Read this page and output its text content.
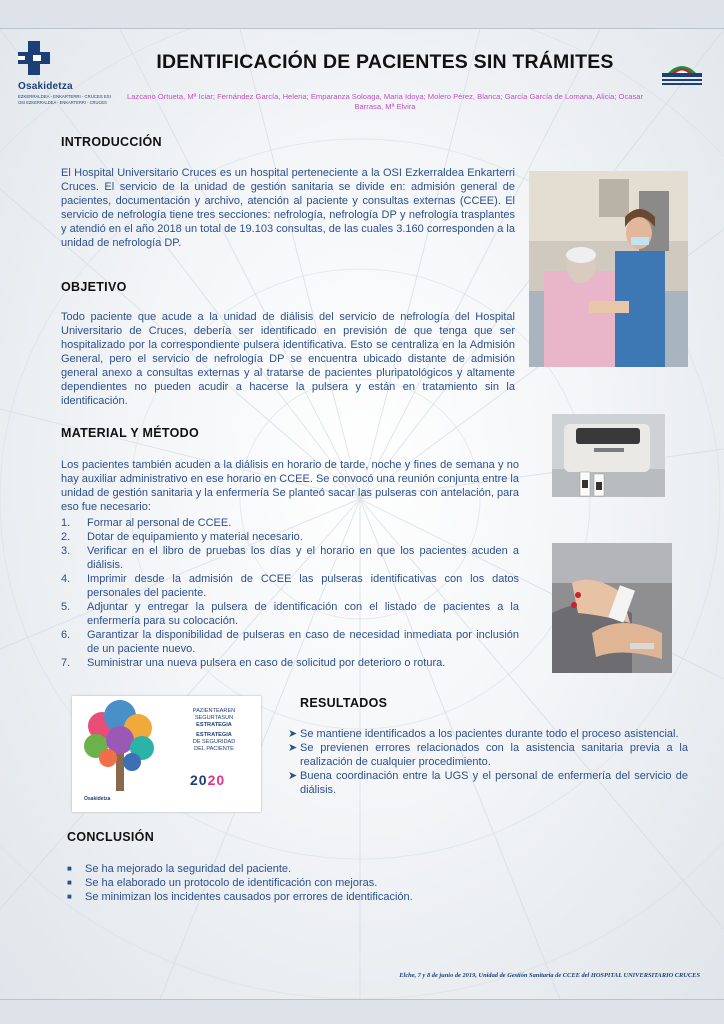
Osakidetza
EZKERRALDEA - ENKARTERRI - CRUCES ESI
OSI EZKERRALDEA - ENKARTERRI - CRUCES
IDENTIFICACIÓN DE PACIENTES SIN TRÁMITES
Lazcano Ortueta, Mª Iciar; Fernández García, Helena; Emparanza Soloaga, Maria Idoya; Molero Pérez, Blanca; García García de Lomana, Alicia; Ocasar Barrasa, Mª Elvira
INTRODUCCIÓN
El Hospital Universitario Cruces es un hospital perteneciente a la OSI Ezkerraldea Enkarterri Cruces. El servicio de la unidad de gestión sanitaria se divide en: admisión general de pacientes, documentación y archivo, atención al paciente y consultas externas (CCEE). El servicio de nefrología tiene tres secciones: nefrología, nefrología DP y nefrología trasplantes y atendió en el año 2018 un total de 19.103 consultas, de las cuales 3.160 corresponden a la unidad de nefrología DP.
OBJETIVO
Todo paciente que acude a la unidad de diálisis del servicio de nefrología del Hospital Universitario de Cruces, debería ser identificado en previsión de que tenga que ser hospitalizado por la correspondiente pulsera identificativa. Esto se centraliza en la Admisión General, pero el servicio de nefrología DP se encuentra ubicado distante de admisión general anexo a consultas externas y al tratarse de pacientes pluripatológicos y altamente dependientes no pueden acudir a hacerse la pulsera y están en tratamiento sin la identificación.
MATERIAL Y MÉTODO
Los pacientes también acuden a la diálisis en horario de tarde, noche y fines de semana y no hay auxiliar administrativo en ese horario en CCEE. Se convocó una reunión conjunta entre la unidad de gestión sanitaria y la enfermería Se planteó sacar las pulseras con antelación, para eso fue necesario:
1. Formar al personal de CCEE.
2. Dotar de equipamiento y material necesario.
3. Verificar en el libro de pruebas los días y el horario en que los pacientes acuden a diálisis.
4. Imprimir desde la admisión de CCEE las pulseras identificativas con los datos personales del paciente.
5. Adjuntar y entregar la pulsera de identificación con el listado de pacientes a la enfermería para su colocación.
6. Garantizar la disponibilidad de pulseras en caso de necesidad inmediata por inclusión de un paciente nuevo.
7. Suministrar una nueva pulsera en caso de solicitud por deterioro o rotura.
PAZIENTEAREN
SEGURTASUN
ESTRATEGIA
ESTRATEGIA
DE SEGURIDAD
DEL PACIENTE
2020
Osakidetza
RESULTADOS
➤ Se mantiene identificados a los pacientes durante todo el proceso asistencial.
➤ Se previenen errores relacionados con la asistencia sanitaria previa a la realización de cualquier procedimiento.
➤ Buena coordinación entre la UGS y el personal de enfermería del servicio de diálisis.
CONCLUSIÓN
■ Se ha mejorado la seguridad del paciente.
■ Se ha elaborado un protocolo de identificación con mejoras.
■ Se minimizan los incidentes causados por errores de identificación.
Elche, 7 y 8 de junio de 2019, Unidad de Gestión Sanitaria de CCEE del HOSPITAL UNIVERSITARIO CRUCES
